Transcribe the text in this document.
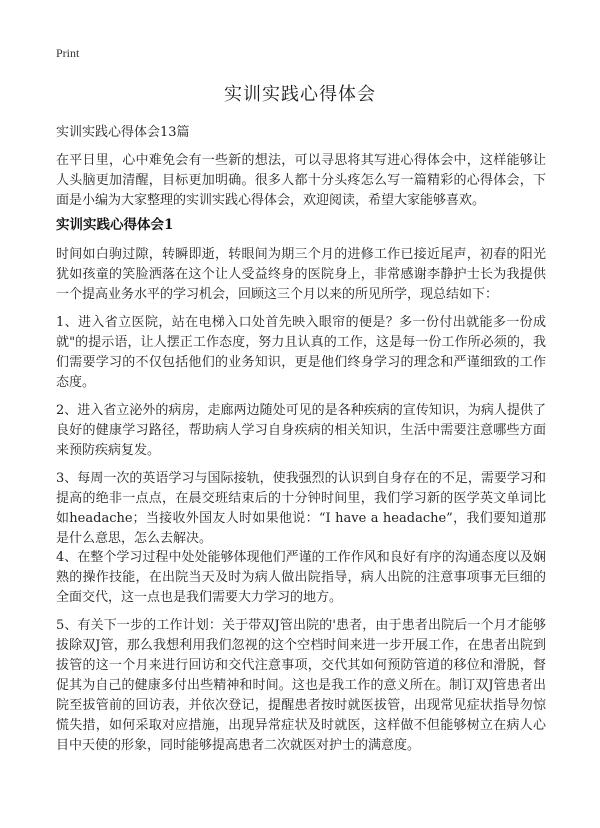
Print
实训实践心得体会
实训实践心得体会13篇

在平日里，心中难免会有一些新的想法，可以寻思将其写进心得体会中，这样能够让人头脑更加清醒，目标更加明确。很多人都十分头疼怎么写一篇精彩的心得体会，下面是小编为大家整理的实训实践心得体会，欢迎阅读，希望大家能够喜欢。

实训实践心得体会1

时间如白驹过隙，转瞬即逝，转眼间为期三个月的进修工作已接近尾声，初春的阳光犹如孩童的笑脸洒落在这个让人受益终身的医院身上，非常感谢李静护士长为我提供一个提高业务水平的学习机会，回顾这三个月以来的所见所学，现总结如下：

1、进入省立医院，站在电梯入口处首先映入眼帘的便是？多一份付出就能多一份成就"的提示语，让人摆正工作态度，努力且认真的工作，这是每一份工作所必须的，我们需要学习的不仅包括他们的业务知识，更是他们终身学习的理念和严谨细致的工作态度。

2、进入省立泌外的病房，走廊两边随处可见的是各种疾病的宣传知识，为病人提供了良好的健康学习路径，帮助病人学习自身疾病的相关知识，生活中需要注意哪些方面来预防疾病复发。

3、每周一次的英语学习与国际接轨，使我强烈的认识到自身存在的不足，需要学习和提高的绝非一点点，在晨交班结束后的十分钟时间里，我们学习新的医学英文单词比如headache；当接收外国友人时如果他说：“I have a headache”，我们要知道那是什么意思，怎么去解决。

4、在整个学习过程中处处能够体现他们严谨的工作作风和良好有序的沟通态度以及娴熟的操作技能，在出院当天及时为病人做出院指导，病人出院的注意事项事无巨细的全面交代，这一点也是我们需要大力学习的地方。

5、有关下一步的工作计划：关于带双J管出院的'患者，由于患者出院后一个月才能够拔除双J管，那么我想利用我们忽视的这个空档时间来进一步开展工作，在患者出院到拔管的这一个月来进行回访和交代注意事项，交代其如何预防管道的移位和滑脱，督促其为自己的健康多付出些精神和时间。这也是我工作的意义所在。制订双J管患者出院至拔管前的回访表，并依次登记，提醒患者按时就医拔管，出现常见症状指导勿惊慌失措，如何采取对应措施，出现异常症状及时就医，这样做不但能够树立在病人心目中天使的形象，同时能够提高患者二次就医对护士的满意度。
